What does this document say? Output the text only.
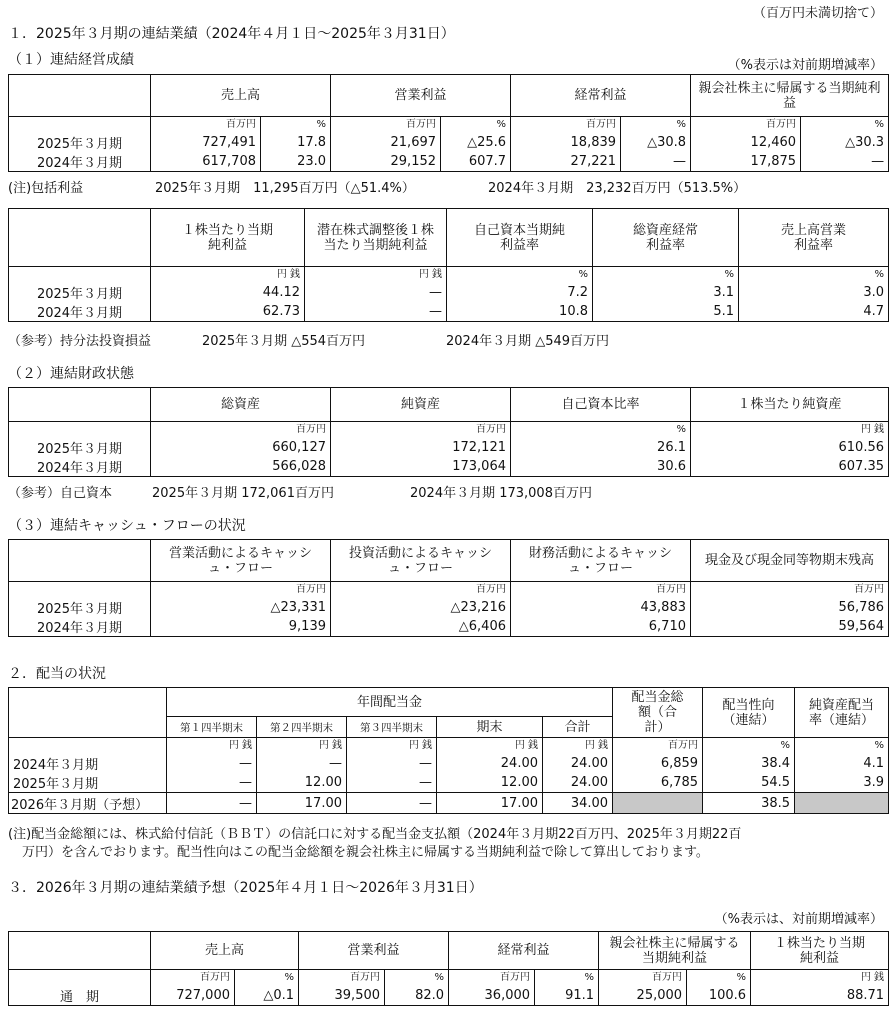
（百万円未満切捨て）
１．2025年３月期の連結業績（2024年４月１日～2025年３月31日）
（１）連結経営成績	（%表示は対前期増減率）
	売上高		営業利益		経常利益		親会社株主に帰属する当期純利益	
	百万円	%	百万円	%	百万円	%	百万円	%
2025年３月期	727,491	17.8	21,697	△25.6	18,839	△30.8	12,460	△30.3
2024年３月期	617,708	23.0	29,152	607.7	27,221	—	17,875	—
(注)包括利益	2025年３月期　11,295百万円（△51.4%）	2024年３月期　23,232百万円（513.5%）
	１株当たり当期純利益	潜在株式調整後１株当たり当期純利益	自己資本当期純利益率	総資産経常利益率	売上高営業利益率
	円 銭	円 銭	%	%	%
2025年３月期	44.12	—	7.2	3.1	3.0
2024年３月期	62.73	—	10.8	5.1	4.7
（参考）持分法投資損益	2025年３月期 △554百万円	2024年３月期 △549百万円
（２）連結財政状態
	総資産	純資産	自己資本比率	１株当たり純資産
	百万円	百万円	%	円 銭
2025年３月期	660,127	172,121	26.1	610.56
2024年３月期	566,028	173,064	30.6	607.35
（参考）自己資本	2025年３月期 172,061百万円	2024年３月期 173,008百万円
（３）連結キャッシュ・フローの状況
	営業活動によるキャッシュ・フロー	投資活動によるキャッシュ・フロー	財務活動によるキャッシュ・フロー	現金及び現金同等物期末残高
	百万円	百万円	百万円	百万円
2025年３月期	△23,331	△23,216	43,883	56,786
2024年３月期	9,139	△6,406	6,710	59,564
２．配当の状況
	年間配当金					配当金総額（合計）	配当性向（連結）	純資産配当率（連結）
	第１四半期末	第２四半期末	第３四半期末	期末	合計			
	円 銭	円 銭	円 銭	円 銭	円 銭	百万円	%	%
2024年３月期	—	—	—	24.00	24.00	6,859	38.4	4.1
2025年３月期	—	12.00	—	12.00	24.00	6,785	54.5	3.9
2026年３月期（予想）	—	17.00	—	17.00	34.00		38.5	
(注)配当金総額には、株式給付信託（ＢＢＴ）の信託口に対する配当金支払額（2024年３月期22百万円、2025年３月期22百
万円）を含んでおります。配当性向はこの配当金総額を親会社株主に帰属する当期純利益で除して算出しております。
３．2026年３月期の連結業績予想（2025年４月１日～2026年３月31日）
（%表示は、対前期増減率）
	売上高		営業利益		経常利益		親会社株主に帰属する当期純利益		１株当たり当期純利益
	百万円	%	百万円	%	百万円	%	百万円	%	円 銭
通　期	727,000	△0.1	39,500	82.0	36,000	91.1	25,000	100.6	88.71
